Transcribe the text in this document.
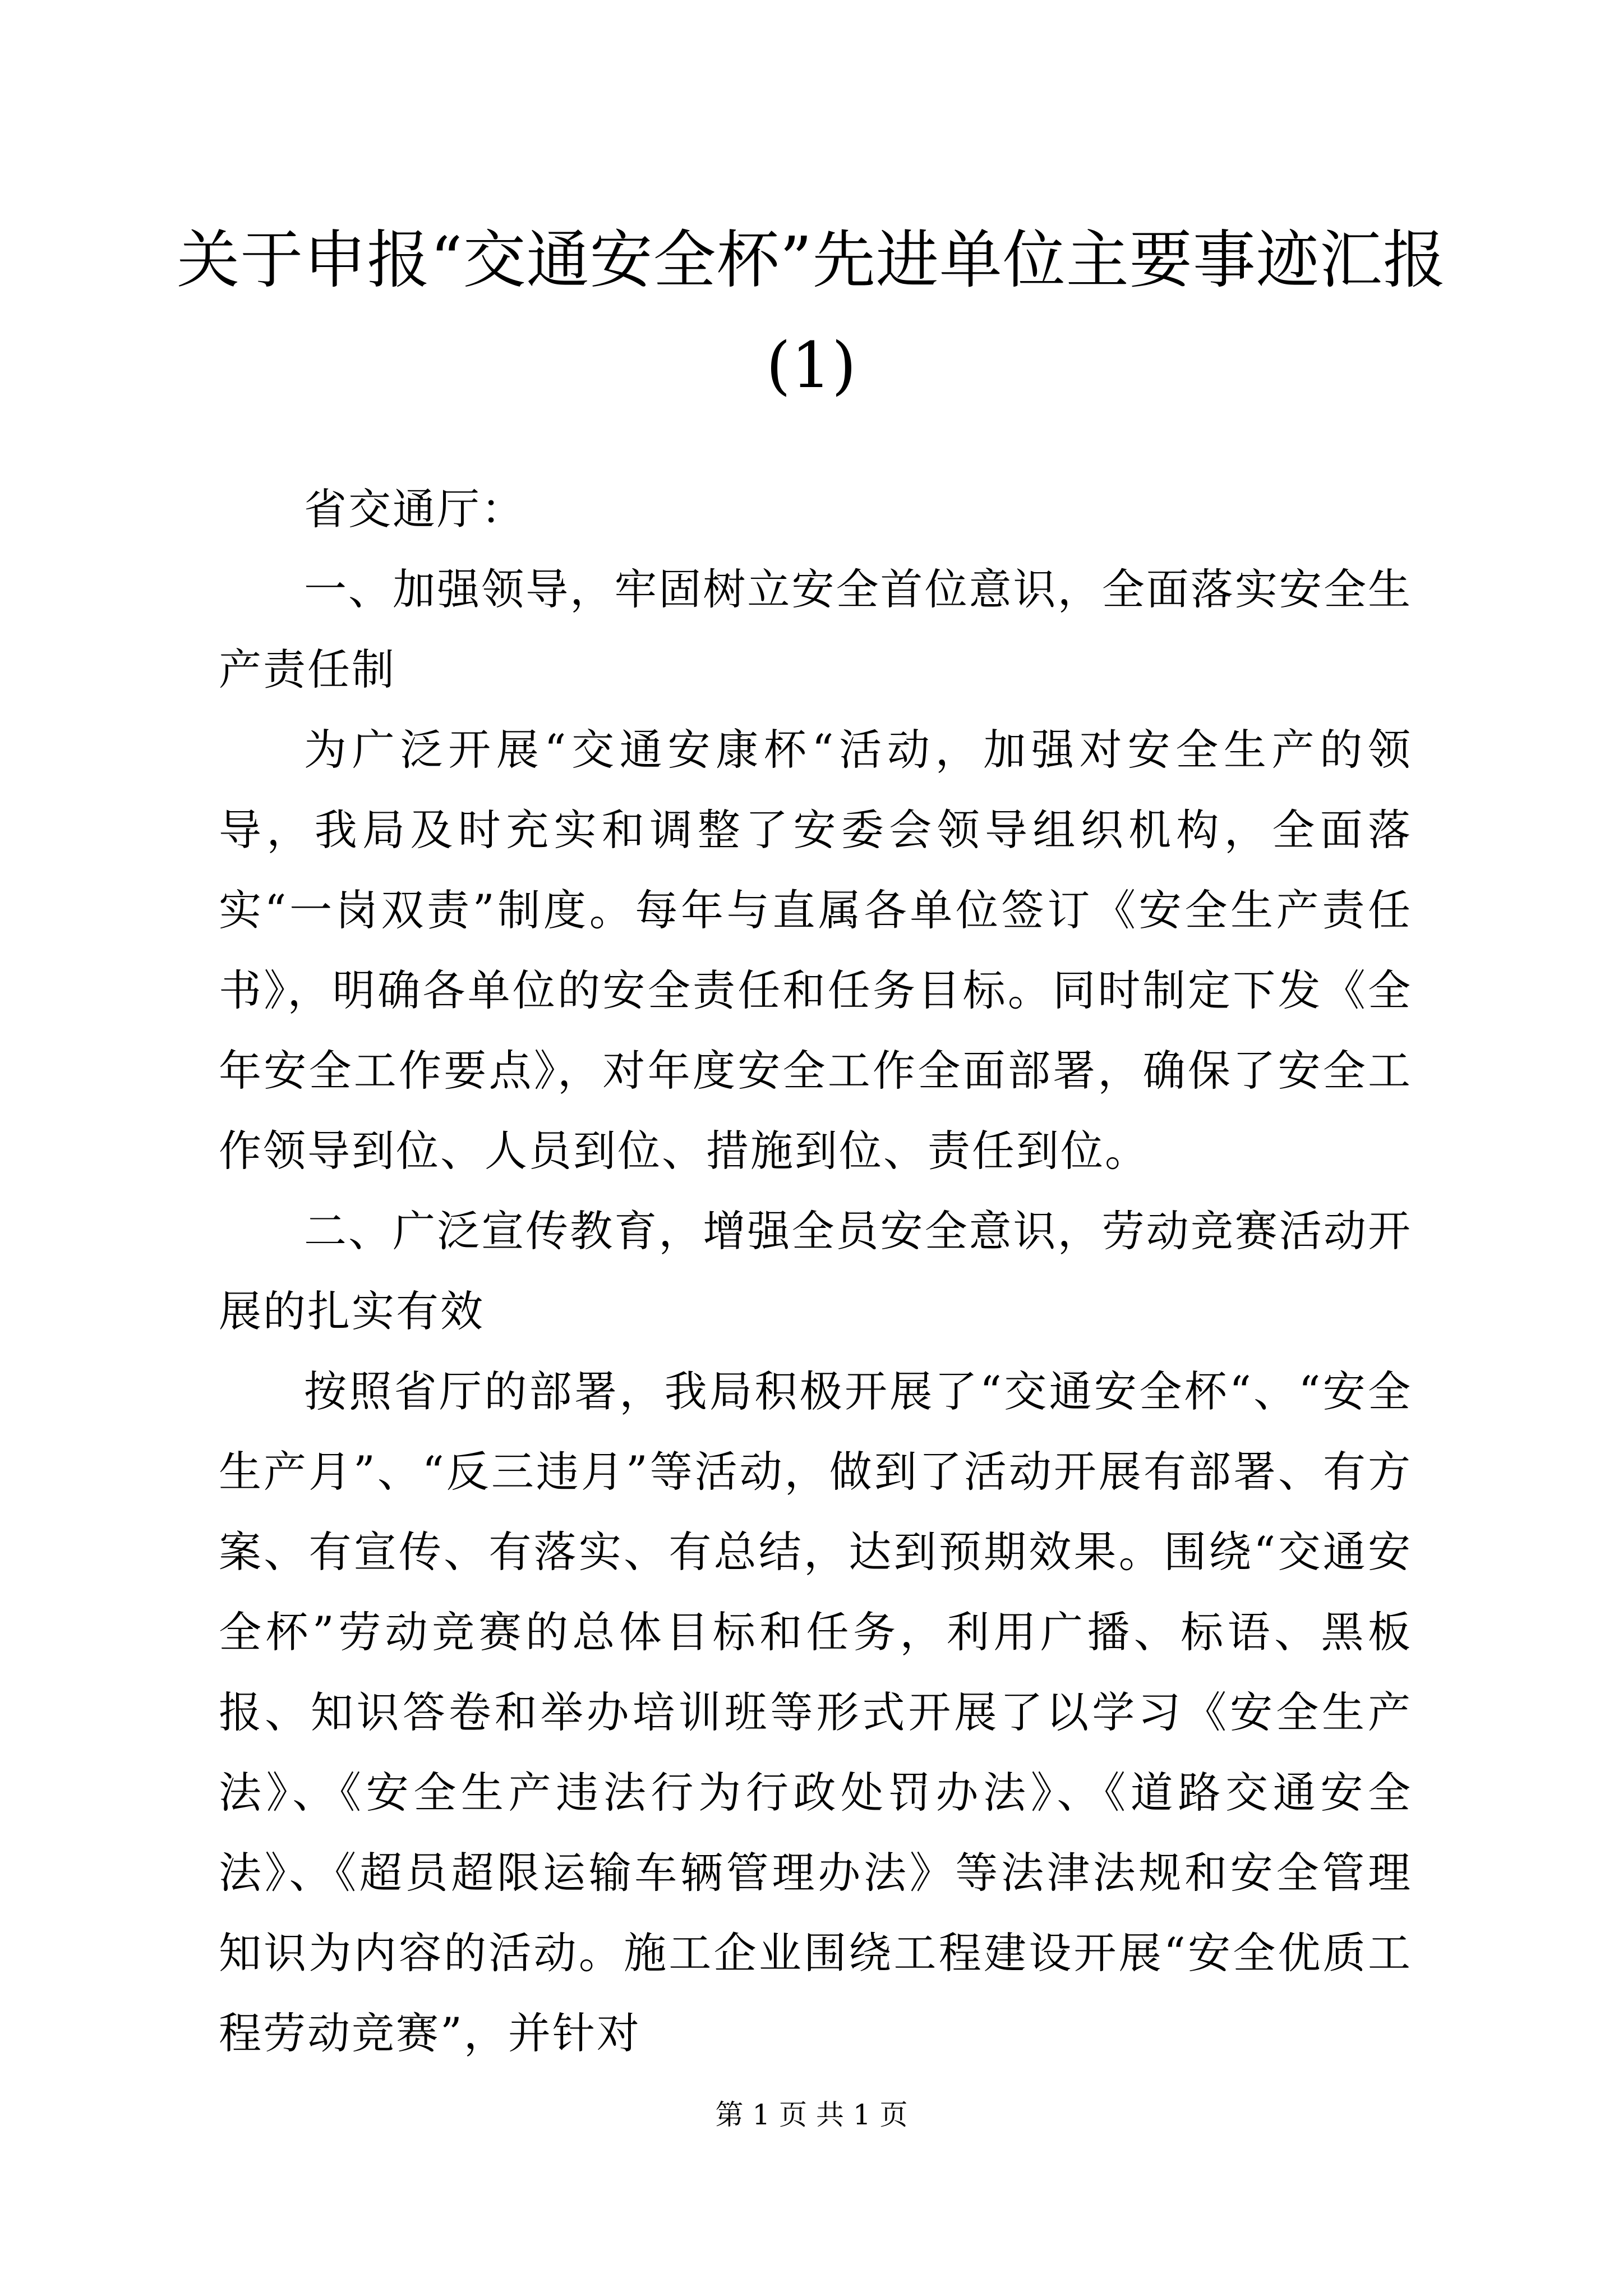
关于申报“交通安全杯”先进单位主要事迹汇报(1)

省交通厅：

一、加强领导，牢固树立安全首位意识，全面落实安全生产责任制

为广泛开展“交通安康杯“活动，加强对安全生产的领导，我局及时充实和调整了安委会领导组织机构，全面落实“一岗双责”制度。每年与直属各单位签订《安全生产责任书》，明确各单位的安全责任和任务目标。同时制定下发《全年安全工作要点》，对年度安全工作全面部署，确保了安全工作领导到位、人员到位、措施到位、责任到位。

二、广泛宣传教育，增强全员安全意识，劳动竞赛活动开展的扎实有效

按照省厅的部署，我局积极开展了“交通安全杯“、“安全生产月”、“反三违月”等活动，做到了活动开展有部署、有方案、有宣传、有落实、有总结，达到预期效果。围绕“交通安全杯”劳动竞赛的总体目标和任务，利用广播、标语、黑板报、知识答卷和举办培训班等形式开展了以学习《安全生产法》、《安全生产违法行为行政处罚办法》、《道路交通安全法》、《超员超限运输车辆管理办法》等法津法规和安全管理知识为内容的活动。施工企业围绕工程建设开展“安全优质工程劳动竞赛”，并针对

第 1 页 共 1 页
